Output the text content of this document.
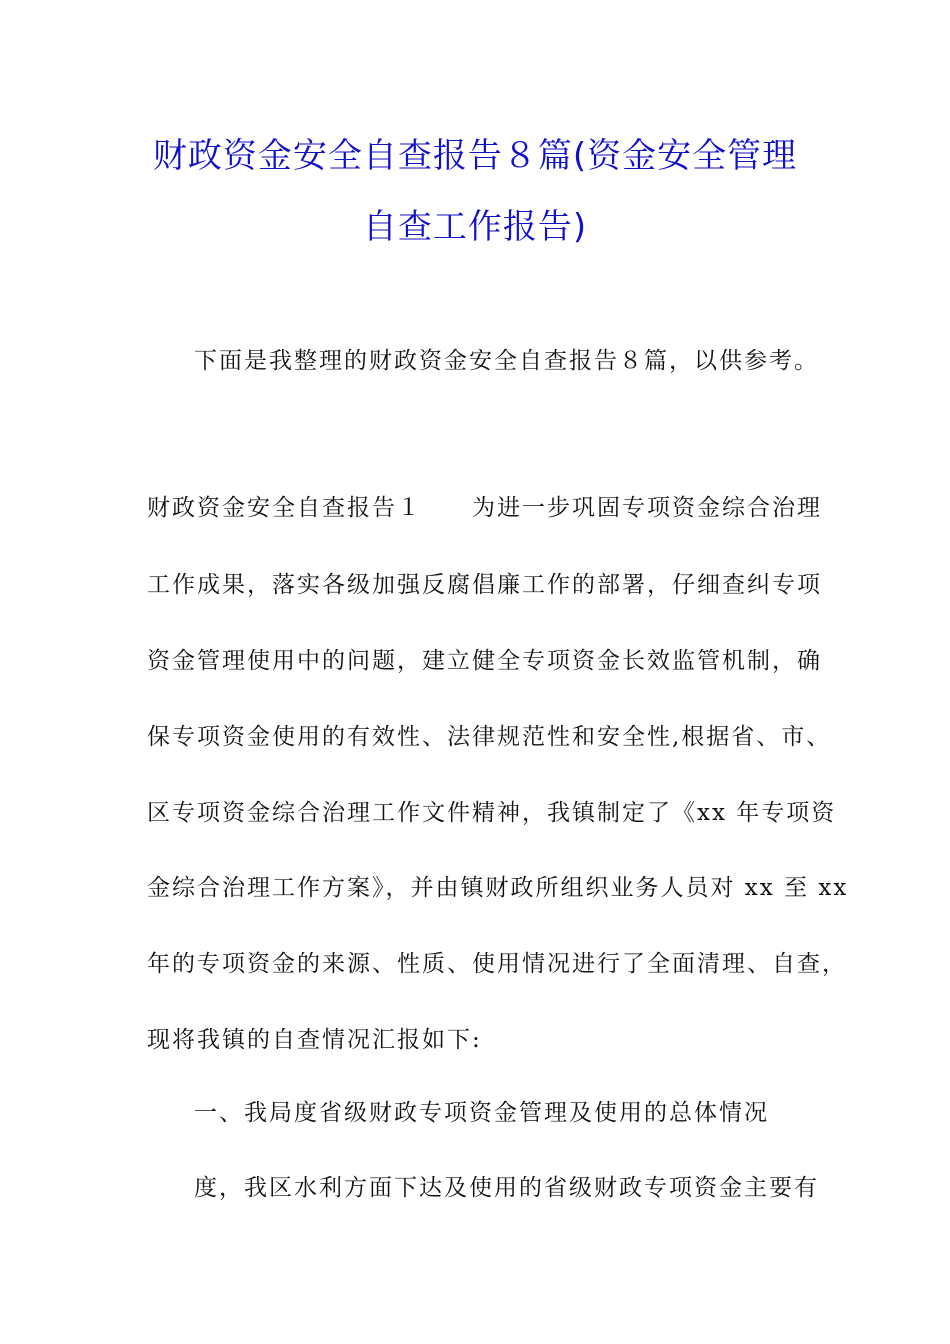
财政资金安全自查报告８篇(资金安全管理
自查工作报告)

下面是我整理的财政资金安全自查报告８篇，以供参考。

财政资金安全自查报告１　　为进一步巩固专项资金综合治理
工作成果，落实各级加强反腐倡廉工作的部署，仔细查纠专项
资金管理使用中的问题，建立健全专项资金长效监管机制，确
保专项资金使用的有效性、法律规范性和安全性,根据省、市、
区专项资金综合治理工作文件精神，我镇制定了《xx 年专项资
金综合治理工作方案》，并由镇财政所组织业务人员对 xx 至 xx
年的专项资金的来源、性质、使用情况进行了全面清理、自查，
现将我镇的自查情况汇报如下:
一、我局度省级财政专项资金管理及使用的总体情况
度，我区水利方面下达及使用的省级财政专项资金主要有
